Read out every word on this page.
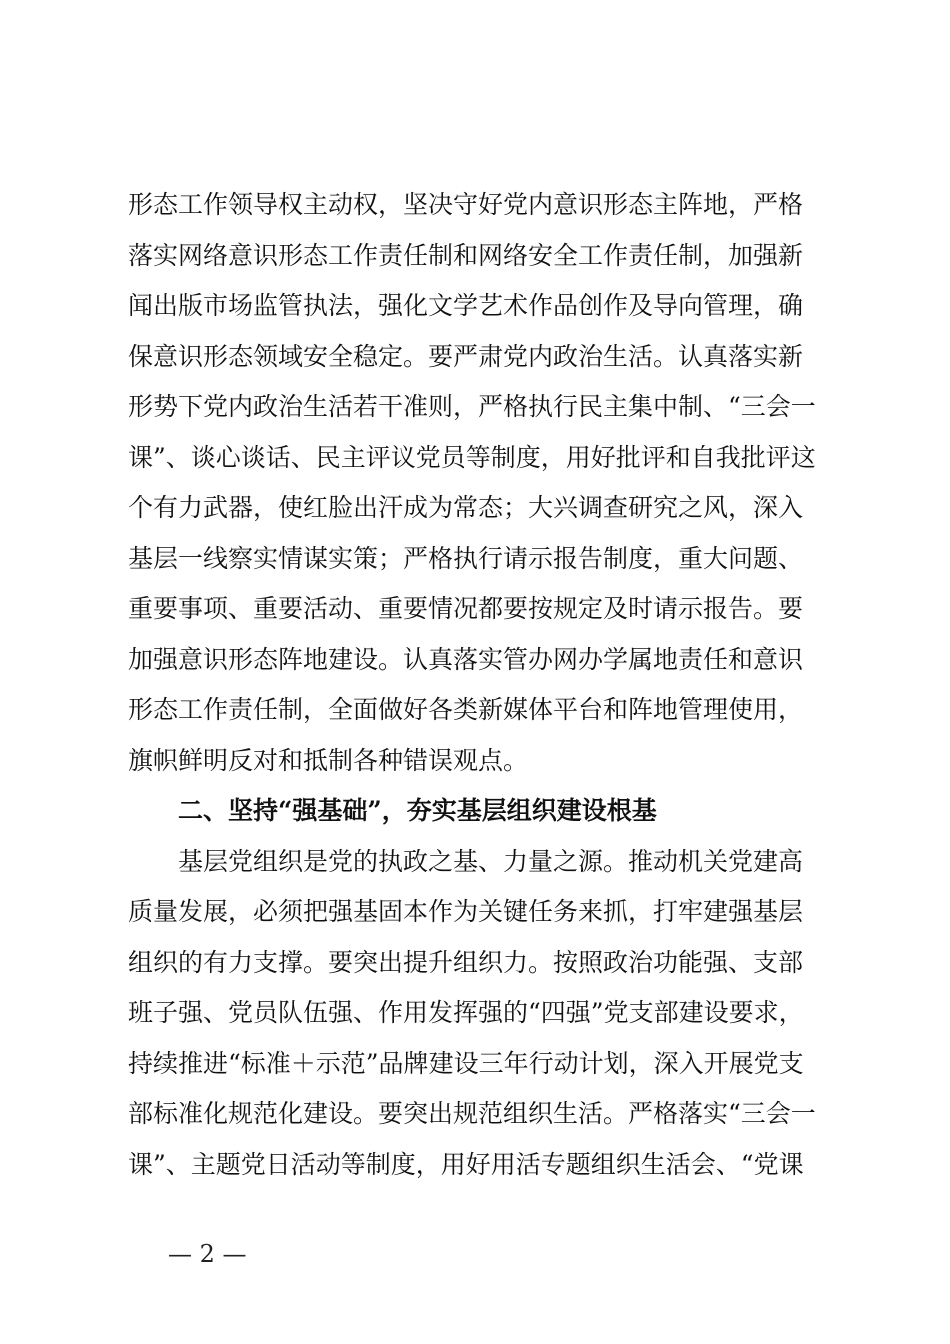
形态工作领导权主动权，坚决守好党内意识形态主阵地，严格
落实网络意识形态工作责任制和网络安全工作责任制，加强新
闻出版市场监管执法，强化文学艺术作品创作及导向管理，确
保意识形态领域安全稳定。要严肃党内政治生活。认真落实新
形势下党内政治生活若干准则，严格执行民主集中制、“三会一
课”、谈心谈话、民主评议党员等制度，用好批评和自我批评这
个有力武器，使红脸出汗成为常态；大兴调查研究之风，深入
基层一线察实情谋实策；严格执行请示报告制度，重大问题、
重要事项、重要活动、重要情况都要按规定及时请示报告。要
加强意识形态阵地建设。认真落实管办网办学属地责任和意识
形态工作责任制，全面做好各类新媒体平台和阵地管理使用，
旗帜鲜明反对和抵制各种错误观点。
二、坚持“强基础”，夯实基层组织建设根基
基层党组织是党的执政之基、力量之源。推动机关党建高
质量发展，必须把强基固本作为关键任务来抓，打牢建强基层
组织的有力支撑。要突出提升组织力。按照政治功能强、支部
班子强、党员队伍强、作用发挥强的“四强”党支部建设要求，
持续推进“标准＋示范”品牌建设三年行动计划，深入开展党支
部标准化规范化建设。要突出规范组织生活。严格落实“三会一
课”、主题党日活动等制度，用好用活专题组织生活会、“党课
— 2 —
